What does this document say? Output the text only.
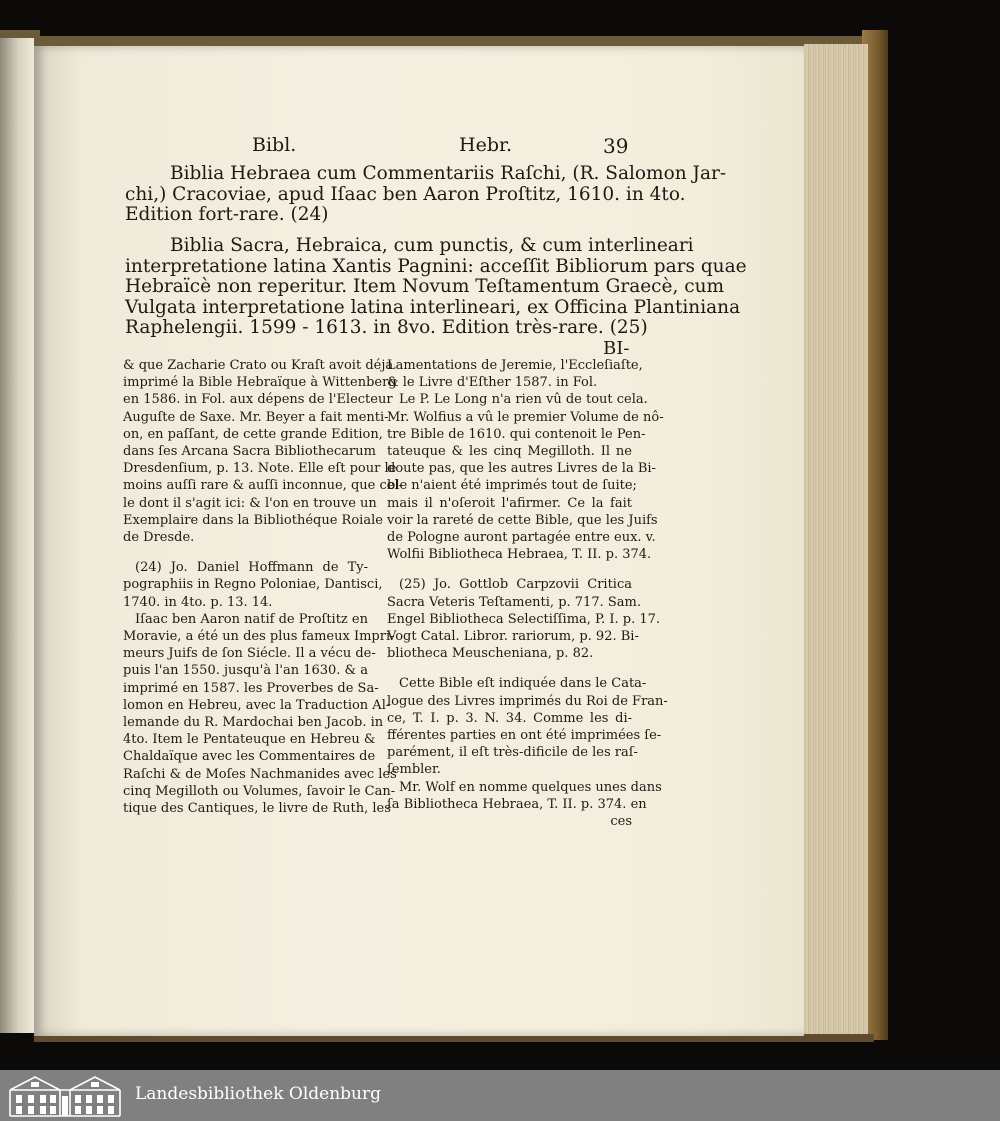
Bibl.	Hebr.	39
Biblia Hebraea cum Commentariis Raſchi, (R. Salomon Jar-
chi,) Cracoviae, apud Iſaac ben Aaron Proſtitz, 1610. in 4to.
Edition fort-rare. (24)
Biblia Sacra, Hebraica, cum punctis, & cum interlineari
interpretatione latina Xantis Pagnini: acceſſit Bibliorum pars quae
Hebraïcè non reperitur. Item Novum Teſtamentum Graecè, cum
Vulgata interpretatione latina interlineari, ex Officina Plantiniana
Raphelengii. 1599 - 1613. in 8vo. Edition très-rare. (25)
BI-

& que Zacharie Crato ou Kraſt avoit déja
imprimé la Bible Hebraïque à Wittenberg
en 1586. in Fol. aux dépens de l'Electeur
Auguſte de Saxe. Mr. Beyer a fait menti-
on, en paſſant, de cette grande Edition,
dans ſes Arcana Sacra Bibliothecarum
Dresdenſium, p. 13. Note. Elle eſt pour le
moins auſſi rare & auſſi inconnue, que cel-
le dont il s'agit ici: & l'on en trouve un
Exemplaire dans la Bibliothéque Roiale
de Dresde.

(24) Jo. Daniel Hoffmann de Ty-
pographiis in Regno Poloniae, Dantisci,
1740. in 4to. p. 13. 14.

Iſaac ben Aaron natif de Proſtitz en
Moravie, a été un des plus fameux Impri-
meurs Juifs de ſon Siécle. Il a vécu de-
puis l'an 1550. jusqu'à l'an 1630. & a
imprimé en 1587. les Proverbes de Sa-
lomon en Hebreu, avec la Traduction Al-
lemande du R. Mardochai ben Jacob. in
4to. Item le Pentateuque en Hebreu &
Chaldaïque avec les Commentaires de
Raſchi & de Moſes Nachmanides avec les
cinq Megilloth ou Volumes, ſavoir le Can-
tique des Cantiques, le livre de Ruth, les

Lamentations de Jeremie, l'Eccleſiaſte,
& le Livre d'Eſther 1587. in Fol.

Le P. Le Long n'a rien vû de tout cela.
Mr. Wolfius a vû le premier Volume de nô-
tre Bible de 1610. qui contenoit le Pen-
tateuque & les cinq Megilloth. Il ne
doute pas, que les autres Livres de la Bi-
ble n'aient été imprimés tout de ſuite;
mais il n'oſeroit l'afirmer. Ce la fait
voir la rareté de cette Bible, que les Juifs
de Pologne auront partagée entre eux. v.
Wolfii Bibliotheca Hebraea, T. II. p. 374.

(25) Jo. Gottlob Carpzovii Critica
Sacra Veteris Teſtamenti, p. 717. Sam.
Engel Bibliotheca Selectiſſima, P. I. p. 17.
Vogt Catal. Libror. rariorum, p. 92. Bi-
bliotheca Meuscheniana, p. 82.

Cette Bible eſt indiquée dans le Cata-
logue des Livres imprimés du Roi de Fran-
ce, T. I. p. 3. N. 34. Comme les di-
fférentes parties en ont été imprimées ſe-
parément, il eſt très-dificile de les raſ-
ſembler.

Mr. Wolf en nomme quelques unes dans
ſa Bibliotheca Hebraea, T. II. p. 374. en

ces
Landesbibliothek Oldenburg
